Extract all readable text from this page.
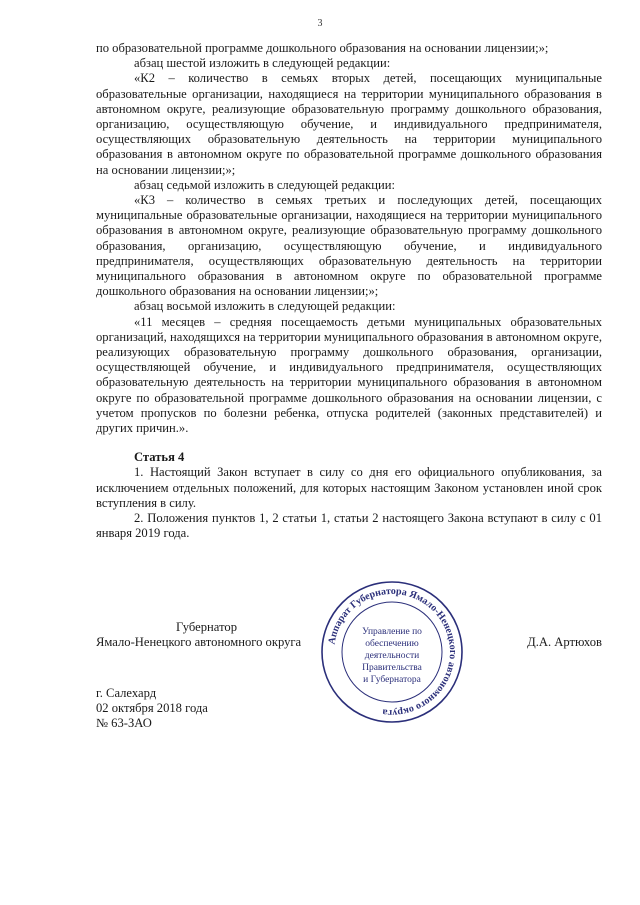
3

по образовательной программе дошкольного образования на основании лицензии;»;

абзац шестой изложить в следующей редакции:

«К2 – количество в семьях вторых детей, посещающих муниципальные образовательные организации, находящиеся на территории муниципального образования в автономном округе, реализующие образовательную программу дошкольного образования, организацию, осуществляющую обучение, и индивидуального предпринимателя, осуществляющих образовательную деятельность на территории муниципального образования в автономном округе по образовательной программе дошкольного образования на основании лицензии;»;

абзац седьмой изложить в следующей редакции:

«К3 – количество в семьях третьих и последующих детей, посещающих муниципальные образовательные организации, находящиеся на территории муниципального образования в автономном округе, реализующие образовательную программу дошкольного образования, организацию, осуществляющую обучение, и индивидуального предпринимателя, осуществляющих образовательную деятельность на территории муниципального образования в автономном округе по образовательной программе дошкольного образования на основании лицензии;»;

абзац восьмой изложить в следующей редакции:

«11 месяцев – средняя посещаемость детьми муниципальных образовательных организаций, находящихся на территории муниципального образования в автономном округе, реализующих образовательную программу дошкольного образования, организации, осуществляющей обучение, и индивидуального предпринимателя, осуществляющих образовательную деятельность на территории муниципального образования в автономном округе по образовательной программе дошкольного образования на основании лицензии, с учетом пропусков по болезни ребенка, отпуска родителей (законных представителей) и других причин.».

Статья 4

1. Настоящий Закон вступает в силу со дня его официального опубликования, за исключением отдельных положений, для которых настоящим Законом установлен иной срок вступления в силу.

2. Положения пунктов 1, 2 статьи 1, статьи 2 настоящего Закона вступают в силу с 01 января 2019 года.

Губернатор

Ямало-Ненецкого автономного округа	Д.А. Артюхов

г. Салехард

02 октября 2018 года

№ 63-ЗАО

Аппарат Губернатора Ямало-Ненецкого автономного округа
Управление по
обеспечению
деятельности
Правительства
и Губернатора
